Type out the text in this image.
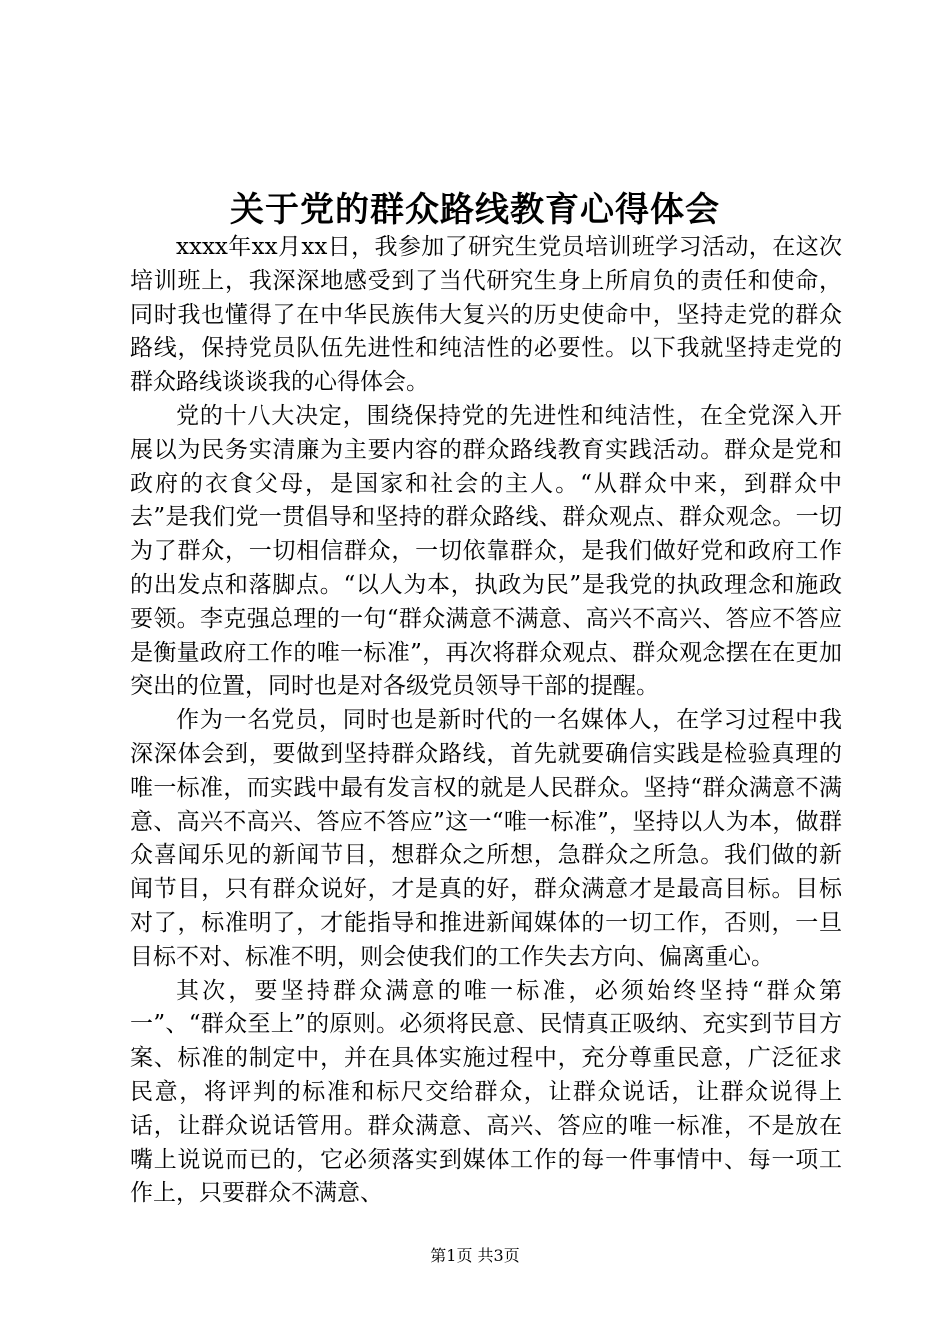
关于党的群众路线教育心得体会

xxxx年xx月xx日，我参加了研究生党员培训班学习活动，在这次培训班上，我深深地感受到了当代研究生身上所肩负的责任和使命，同时我也懂得了在中华民族伟大复兴的历史使命中，坚持走党的群众路线，保持党员队伍先进性和纯洁性的必要性。以下我就坚持走党的群众路线谈谈我的心得体会。

党的十八大决定，围绕保持党的先进性和纯洁性，在全党深入开展以为民务实清廉为主要内容的群众路线教育实践活动。群众是党和政府的衣食父母，是国家和社会的主人。“从群众中来，到群众中去”是我们党一贯倡导和坚持的群众路线、群众观点、群众观念。一切为了群众，一切相信群众，一切依靠群众，是我们做好党和政府工作的出发点和落脚点。“以人为本，执政为民”是我党的执政理念和施政要领。李克强总理的一句“群众满意不满意、高兴不高兴、答应不答应是衡量政府工作的唯一标准”，再次将群众观点、群众观念摆在在更加突出的位置，同时也是对各级党员领导干部的提醒。

作为一名党员，同时也是新时代的一名媒体人，在学习过程中我深深体会到，要做到坚持群众路线，首先就要确信实践是检验真理的唯一标准，而实践中最有发言权的就是人民群众。坚持“群众满意不满意、高兴不高兴、答应不答应”这一“唯一标准”，坚持以人为本，做群众喜闻乐见的新闻节目，想群众之所想，急群众之所急。我们做的新闻节目，只有群众说好，才是真的好，群众满意才是最高目标。目标对了，标准明了，才能指导和推进新闻媒体的一切工作，否则，一旦目标不对、标准不明，则会使我们的工作失去方向、偏离重心。

其次，要坚持群众满意的唯一标准，必须始终坚持“群众第一”、“群众至上”的原则。必须将民意、民情真正吸纳、充实到节目方案、标准的制定中，并在具体实施过程中，充分尊重民意，广泛征求民意，将评判的标准和标尺交给群众，让群众说话，让群众说得上话，让群众说话管用。群众满意、高兴、答应的唯一标准，不是放在嘴上说说而已的，它必须落实到媒体工作的每一件事情中、每一项工作上，只要群众不满意、

第1页 共3页
